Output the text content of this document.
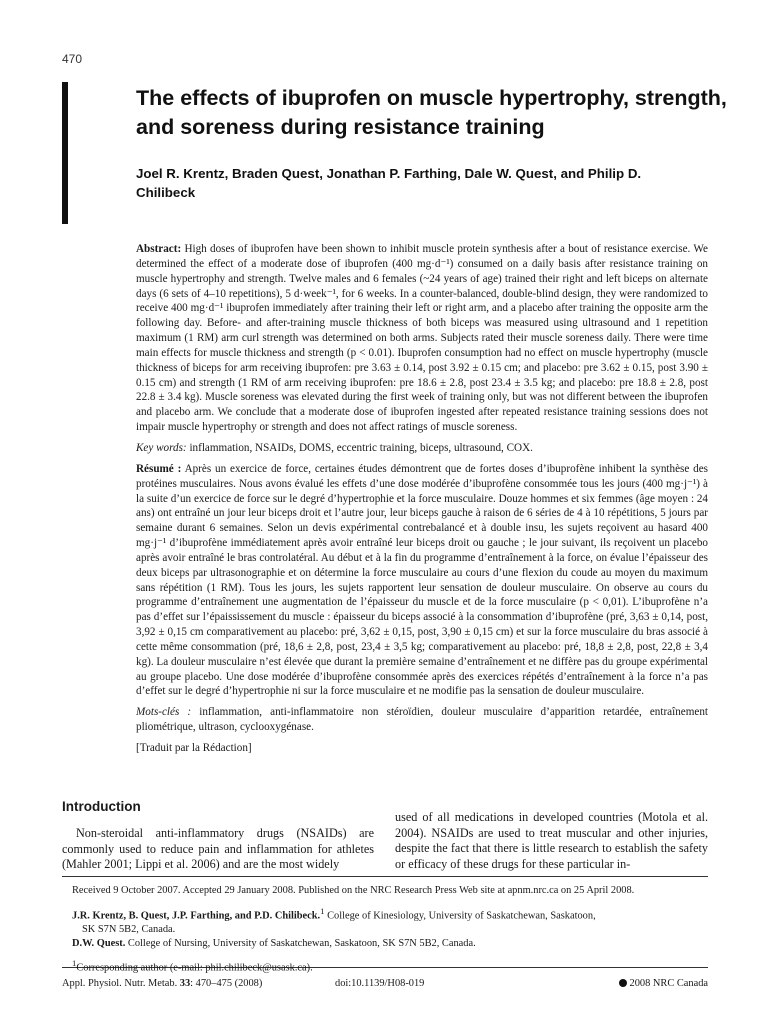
470
The effects of ibuprofen on muscle hypertrophy, strength, and soreness during resistance training

Joel R. Krentz, Braden Quest, Jonathan P. Farthing, Dale W. Quest, and Philip D. Chilibeck

Abstract: High doses of ibuprofen have been shown to inhibit muscle protein synthesis after a bout of resistance exercise. We determined the effect of a moderate dose of ibuprofen (400 mg·d⁻¹) consumed on a daily basis after resistance training on muscle hypertrophy and strength. Twelve males and 6 females (~24 years of age) trained their right and left biceps on alternate days (6 sets of 4–10 repetitions), 5 d·week⁻¹, for 6 weeks. In a counter-balanced, double-blind design, they were randomized to receive 400 mg·d⁻¹ ibuprofen immediately after training their left or right arm, and a placebo after training the opposite arm the following day. Before- and after-training muscle thickness of both biceps was measured using ultrasound and 1 repetition maximum (1 RM) arm curl strength was determined on both arms. Subjects rated their muscle soreness daily. There were time main effects for muscle thickness and strength (p < 0.01). Ibuprofen consumption had no effect on muscle hypertrophy (muscle thickness of biceps for arm receiving ibuprofen: pre 3.63 ± 0.14, post 3.92 ± 0.15 cm; and placebo: pre 3.62 ± 0.15, post 3.90 ± 0.15 cm) and strength (1 RM of arm receiving ibuprofen: pre 18.6 ± 2.8, post 23.4 ± 3.5 kg; and placebo: pre 18.8 ± 2.8, post 22.8 ± 3.4 kg). Muscle soreness was elevated during the first week of training only, but was not different between the ibuprofen and placebo arm. We conclude that a moderate dose of ibuprofen ingested after repeated resistance training sessions does not impair muscle hypertrophy or strength and does not affect ratings of muscle soreness.

Key words: inflammation, NSAIDs, DOMS, eccentric training, biceps, ultrasound, COX.

Résumé : Après un exercice de force, certaines études démontrent que de fortes doses d’ibuprofène inhibent la synthèse des protéines musculaires. Nous avons évalué les effets d’une dose modérée d’ibuprofène consommée tous les jours (400 mg·j⁻¹) à la suite d’un exercice de force sur le degré d’hypertrophie et la force musculaire. Douze hommes et six femmes (âge moyen : 24 ans) ont entraîné un jour leur biceps droit et l’autre jour, leur biceps gauche à raison de 6 séries de 4 à 10 répétitions, 5 jours par semaine durant 6 semaines. Selon un devis expérimental contrebalancé et à double insu, les sujets reçoivent au hasard 400 mg·j⁻¹ d’ibuprofène immédiatement après avoir entraîné leur biceps droit ou gauche ; le jour suivant, ils reçoivent un placebo après avoir entraîné le bras controlatéral. Au début et à la fin du programme d’entraînement à la force, on évalue l’épaisseur des deux biceps par ultrasonographie et on détermine la force musculaire au cours d’une flexion du coude au moyen du maximum sans répétition (1 RM). Tous les jours, les sujets rapportent leur sensation de douleur musculaire. On observe au cours du programme d’entraînement une augmentation de l’épaisseur du muscle et de la force musculaire (p < 0,01). L’ibuprofène n’a pas d’effet sur l’épaississement du muscle : épaisseur du biceps associé à la consommation d’ibuprofène (pré, 3,63 ± 0,14, post, 3,92 ± 0,15 cm comparativement au placebo: pré, 3,62 ± 0,15, post, 3,90 ± 0,15 cm) et sur la force musculaire du bras associé à cette même consommation (pré, 18,6 ± 2,8, post, 23,4 ± 3,5 kg; comparativement au placebo: pré, 18,8 ± 2,8, post, 22,8 ± 3,4 kg). La douleur musculaire n’est élevée que durant la première semaine d’entraînement et ne diffère pas du groupe expérimental au groupe placebo. Une dose modérée d’ibuprofène consommée après des exercices répétés d’entraînement à la force n’a pas d’effet sur le degré d’hypertrophie ni sur la force musculaire et ne modifie pas la sensation de douleur musculaire.

Mots-clés : inflammation, anti-inflammatoire non stéroïdien, douleur musculaire d’apparition retardée, entraînement pliométrique, ultrason, cyclooxygénase.

[Traduit par la Rédaction]

Introduction

Non-steroidal anti-inflammatory drugs (NSAIDs) are commonly used to reduce pain and inflammation for athletes (Mahler 2001; Lippi et al. 2006) and are the most widely

used of all medications in developed countries (Motola et al. 2004). NSAIDs are used to treat muscular and other injuries, despite the fact that there is little research to establish the safety or efficacy of these drugs for these particular in-

Received 9 October 2007. Accepted 29 January 2008. Published on the NRC Research Press Web site at apnm.nrc.ca on 25 April 2008.

J.R. Krentz, B. Quest, J.P. Farthing, and P.D. Chilibeck.$^1$ College of Kinesiology, University of Saskatchewan, Saskatoon,
SK S7N 5B2, Canada.

D.W. Quest. College of Nursing, University of Saskatchewan, Saskatoon, SK S7N 5B2, Canada.

$^1$Corresponding author (e-mail: phil.chilibeck@usask.ca).

Appl. Physiol. Nutr. Metab. 33: 470–475 (2008)	doi:10.1139/H08-019	2008 NRC Canada
